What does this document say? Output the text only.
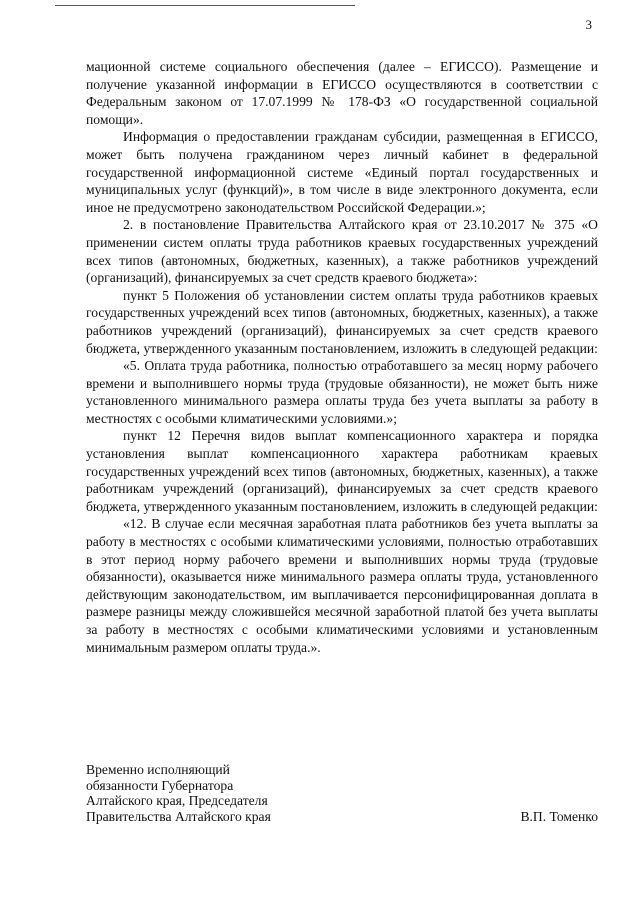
3

мационной системе социального обеспечения (далее – ЕГИССО). Размещение и получение указанной информации в ЕГИССО осуществляются в соответствии с Федеральным законом от 17.07.1999 № 178-ФЗ «О государственной социальной помощи».

Информация о предоставлении гражданам субсидии, размещенная в ЕГИССО, может быть получена гражданином через личный кабинет в федеральной государственной информационной системе «Единый портал государственных и муниципальных услуг (функций)», в том числе в виде электронного документа, если иное не предусмотрено законодательством Российской Федерации.»;

2. в постановление Правительства Алтайского края от 23.10.2017 № 375 «О применении систем оплаты труда работников краевых государственных учреждений всех типов (автономных, бюджетных, казенных), а также работников учреждений (организаций), финансируемых за счет средств краевого бюджета»:

пункт 5 Положения об установлении систем оплаты труда работников краевых государственных учреждений всех типов (автономных, бюджетных, казенных), а также работников учреждений (организаций), финансируемых за счет средств краевого бюджета, утвержденного указанным постановлением, изложить в следующей редакции:

«5. Оплата труда работника, полностью отработавшего за месяц норму рабочего времени и выполнившего нормы труда (трудовые обязанности), не может быть ниже установленного минимального размера оплаты труда без учета выплаты за работу в местностях с особыми климатическими условиями.»;

пункт 12 Перечня видов выплат компенсационного характера и порядка установления выплат компенсационного характера работникам краевых государственных учреждений всех типов (автономных, бюджетных, казенных), а также работникам учреждений (организаций), финансируемых за счет средств краевого бюджета, утвержденного указанным постановлением, изложить в следующей редакции:

«12. В случае если месячная заработная плата работников без учета выплаты за работу в местностях с особыми климатическими условиями, полностью отработавших в этот период норму рабочего времени и выполнивших нормы труда (трудовые обязанности), оказывается ниже минимального размера оплаты труда, установленного действующим законодательством, им выплачивается персонифицированная доплата в размере разницы между сложившейся месячной заработной платой без учета выплаты за работу в местностях с особыми климатическими условиями и установленным минимальным размером оплаты труда.».

Временно исполняющий
обязанности Губернатора
Алтайского края, Председателя
Правительства Алтайского края	В.П. Томенко
